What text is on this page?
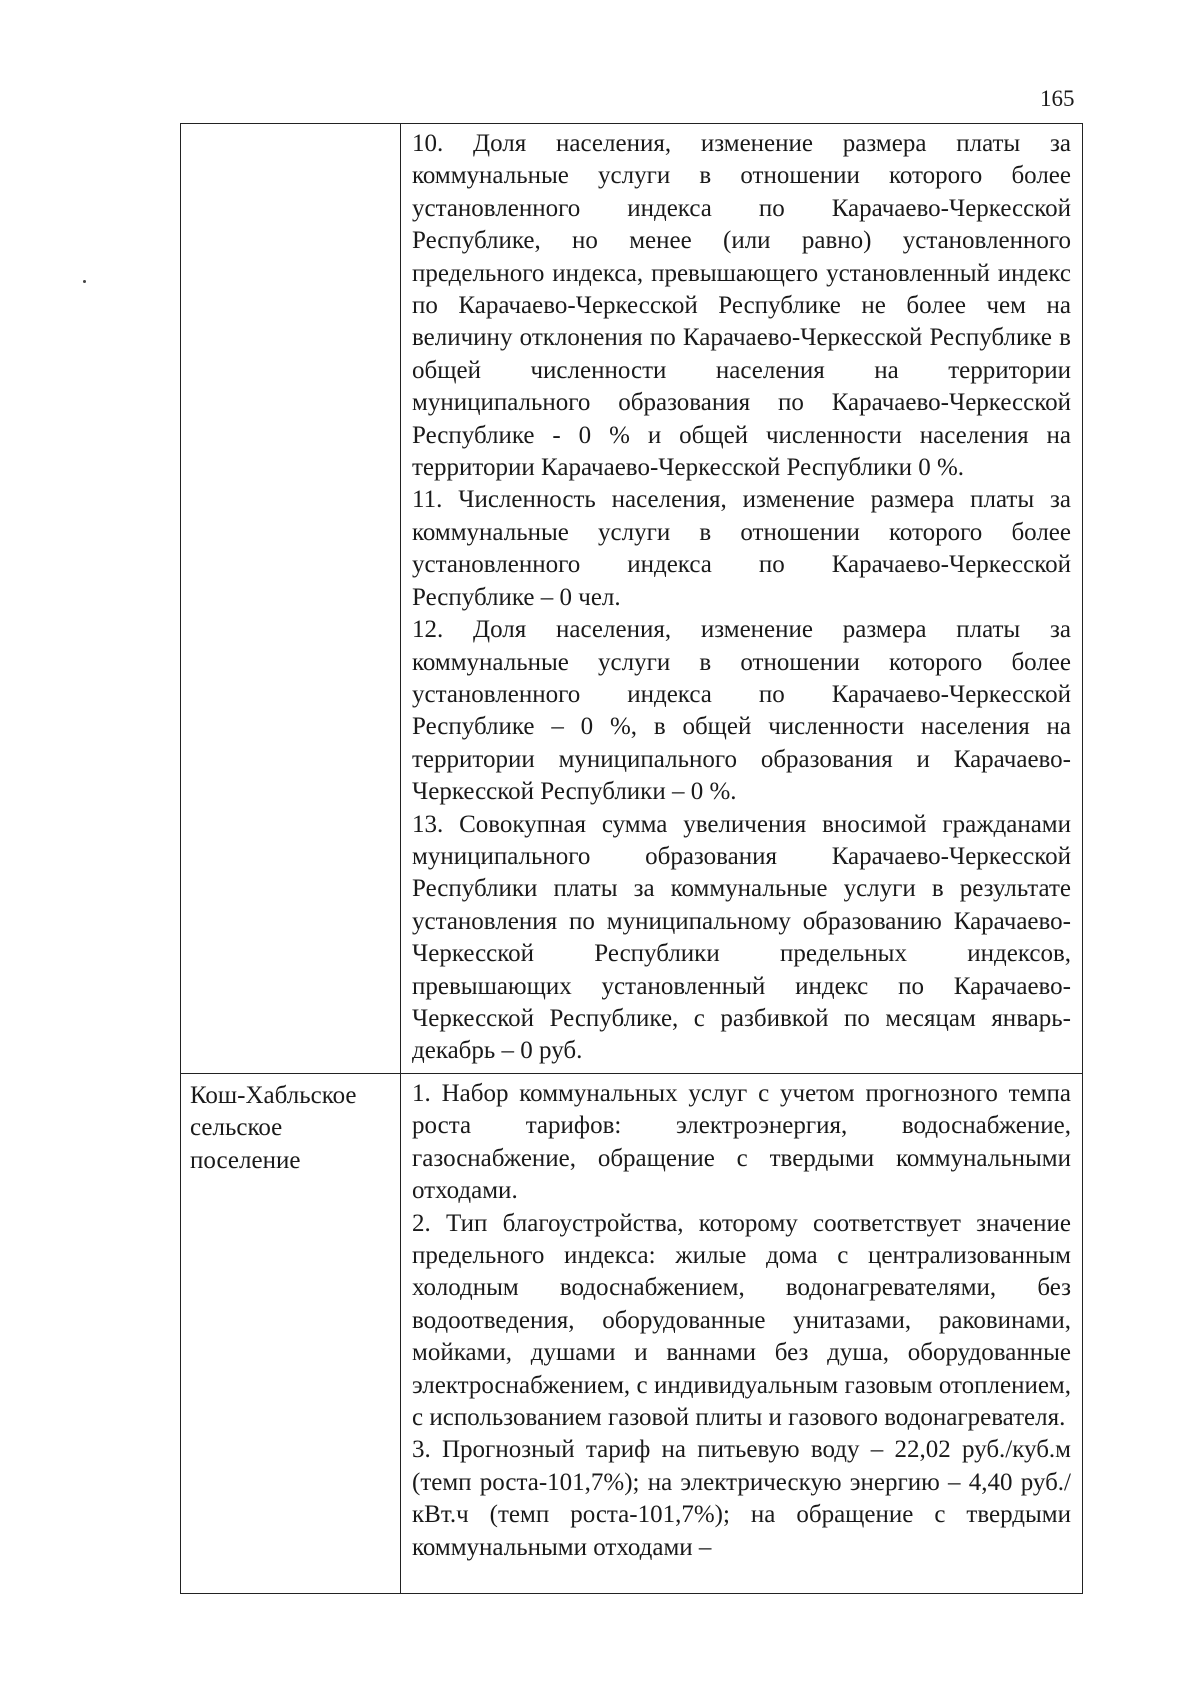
165

	10. Доля населения, изменение размера платы за коммунальные услуги в отношении которого более установленного индекса по Карачаево-Черкесской Республике, но менее (или равно) установленного предельного индекса, превышающего установленный индекс по Карачаево-Черкесской Республике не более чем на величину отклонения по Карачаево-Черкесской Республике в общей численности населения на территории муниципального образования по Карачаево-Черкесской Республике - 0 % и общей численности населения на территории Карачаево-Черкесской Республики 0 %.

11. Численность населения, изменение размера платы за коммунальные услуги в отношении которого более установленного индекса по Карачаево-Черкесской Республике – 0 чел.

12. Доля населения, изменение размера платы за коммунальные услуги в отношении которого более установленного индекса по Карачаево-Черкесской Республике – 0 %, в общей численности населения на территории муниципального образования и Карачаево-Черкесской Республики – 0 %.

13. Совокупная сумма увеличения вносимой гражданами муниципального образования Карачаево-Черкесской Республики платы за коммунальные услуги в результате установления по муниципальному образованию Карачаево-Черкесской Республики предельных индексов, превышающих установленный индекс по Карачаево-Черкесской Республике, с разбивкой по месяцам январь-декабрь – 0 руб.

Кош-Хабльское сельское поселение	1. Набор коммунальных услуг с учетом прогнозного темпа роста тарифов: электроэнергия, водоснабжение, газоснабжение, обращение с твердыми коммунальными отходами.

2. Тип благоустройства, которому соответствует значение предельного индекса: жилые дома с централизованным холодным водоснабжением, водонагревателями, без водоотведения, оборудованные унитазами, раковинами, мойками, душами и ваннами без душа, оборудованные электроснабжением, с индивидуальным газовым отоплением, с использованием газовой плиты и газового водонагревателя.

3. Прогнозный тариф на питьевую воду – 22,02 руб./куб.м (темп роста-101,7%); на электрическую энергию – 4,40 руб./кВт.ч (темп роста-101,7%); на обращение с твердыми коммунальными отходами –
